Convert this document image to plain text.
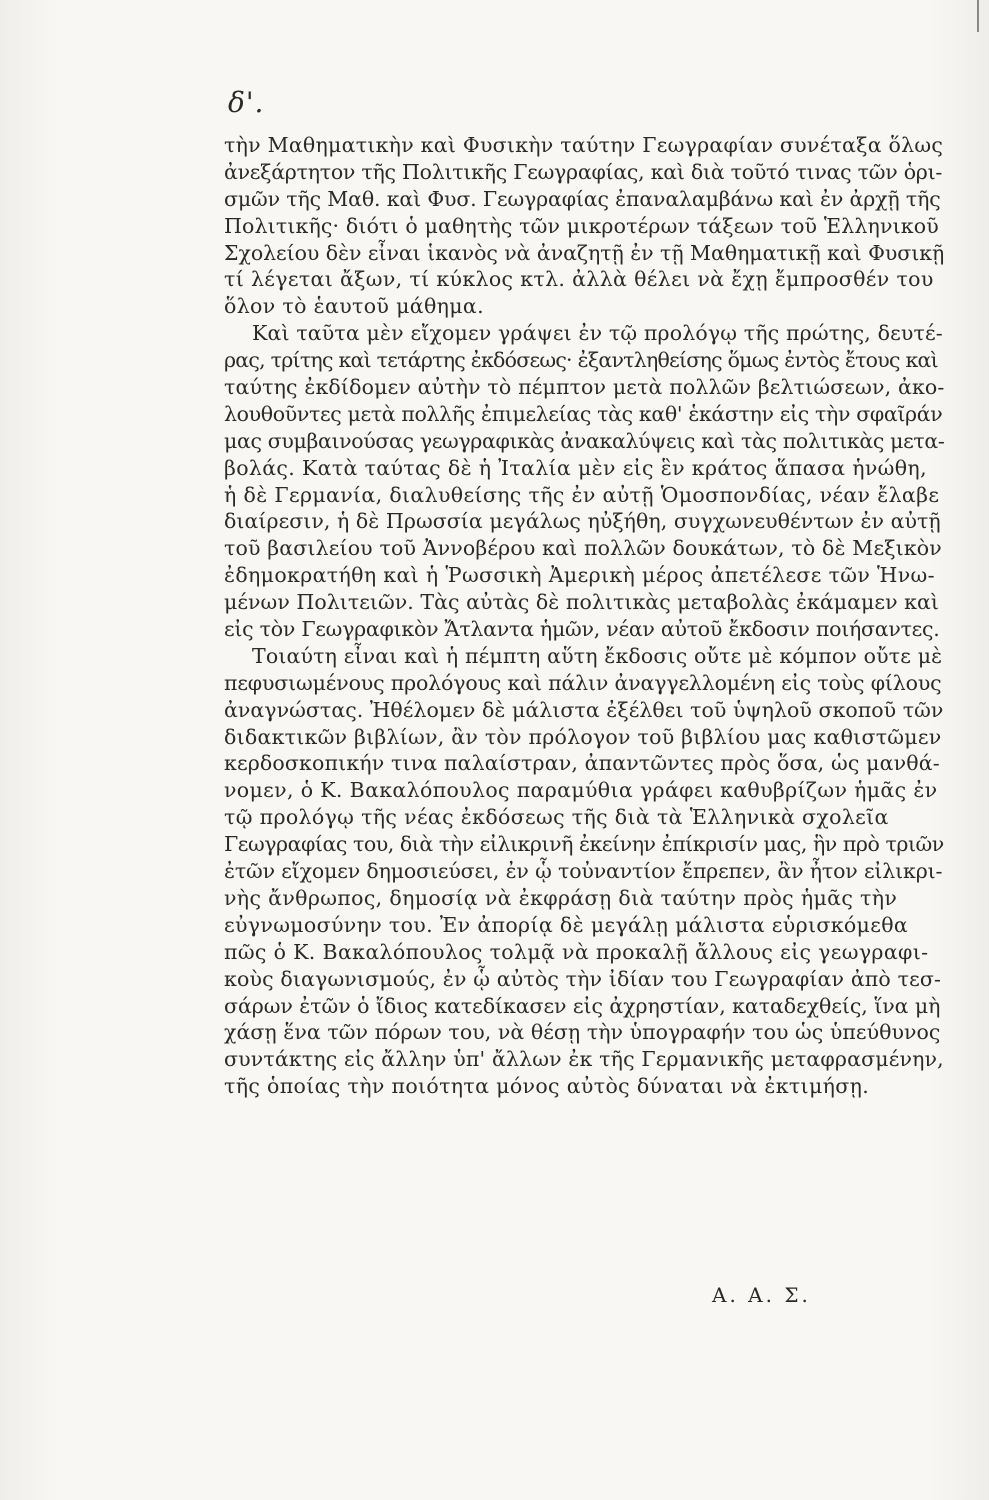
δ'.
τὴν Μαθηματικὴν καὶ Φυσικὴν ταύτην Γεωγραφίαν συνέταξα ὅλως
ἀνεξάρτητον τῆς Πολιτικῆς Γεωγραφίας, καὶ διὰ τοῦτό τινας τῶν ὁρι-
σμῶν τῆς Μαθ. καὶ Φυσ. Γεωγραφίας ἐπαναλαμβάνω καὶ ἐν ἀρχῇ τῆς
Πολιτικῆς· διότι ὁ μαθητὴς τῶν μικροτέρων τάξεων τοῦ Ἑλληνικοῦ
Σχολείου δὲν εἶναι ἱκανὸς νὰ ἀναζητῇ ἐν τῇ Μαθηματικῇ καὶ Φυσικῇ
τί λέγεται ἄξων, τί κύκλος κτλ. ἀλλὰ θέλει νὰ ἔχῃ ἔμπροσθέν του
ὅλον τὸ ἑαυτοῦ μάθημα.
Καὶ ταῦτα μὲν εἴχομεν γράψει ἐν τῷ προλόγῳ τῆς πρώτης, δευτέ-
ρας, τρίτης καὶ τετάρτης ἐκδόσεως· ἐξαντληθείσης ὅμως ἐντὸς ἔτους καὶ
ταύτης ἐκδίδομεν αὐτὴν τὸ πέμπτον μετὰ πολλῶν βελτιώσεων, ἀκο-
λουθοῦντες μετὰ πολλῆς ἐπιμελείας τὰς καθ' ἑκάστην εἰς τὴν σφαῖράν
μας συμβαινούσας γεωγραφικὰς ἀνακαλύψεις καὶ τὰς πολιτικὰς μετα-
βολάς. Κατὰ ταύτας δὲ ἡ Ἰταλία μὲν εἰς ἓν κράτος ἅπασα ἡνώθη,
ἡ δὲ Γερμανία, διαλυθείσης τῆς ἐν αὐτῇ Ὁμοσπονδίας, νέαν ἔλαβε
διαίρεσιν, ἡ δὲ Πρωσσία μεγάλως ηὐξήθη, συγχωνευθέντων ἐν αὐτῇ
τοῦ βασιλείου τοῦ Ἀννοβέρου καὶ πολλῶν δουκάτων, τὸ δὲ Μεξικὸν
ἐδημοκρατήθη καὶ ἡ Ῥωσσικὴ Ἀμερικὴ μέρος ἀπετέλεσε τῶν Ἡνω-
μένων Πολιτειῶν. Τὰς αὐτὰς δὲ πολιτικὰς μεταβολὰς ἐκάμαμεν καὶ
εἰς τὸν Γεωγραφικὸν Ἄτλαντα ἡμῶν, νέαν αὐτοῦ ἔκδοσιν ποιήσαντες.
Τοιαύτη εἶναι καὶ ἡ πέμπτη αὕτη ἔκδοσις οὔτε μὲ κόμπον οὔτε μὲ
πεφυσιωμένους προλόγους καὶ πάλιν ἀναγγελλομένη εἰς τοὺς φίλους
ἀναγνώστας. Ἠθέλομεν δὲ μάλιστα ἐξέλθει τοῦ ὑψηλοῦ σκοποῦ τῶν
διδακτικῶν βιβλίων, ἂν τὸν πρόλογον τοῦ βιβλίου μας καθιστῶμεν
κερδοσκοπικήν τινα παλαίστραν, ἀπαντῶντες πρὸς ὅσα, ὡς μανθά-
νομεν, ὁ Κ. Βακαλόπουλος παραμύθια γράφει καθυβρίζων ἡμᾶς ἐν
τῷ προλόγῳ τῆς νέας ἐκδόσεως τῆς διὰ τὰ Ἑλληνικὰ σχολεῖα
Γεωγραφίας του, διὰ τὴν εἰλικρινῆ ἐκείνην ἐπίκρισίν μας, ἣν πρὸ τριῶν
ἐτῶν εἴχομεν δημοσιεύσει, ἐν ᾧ τοὐναντίον ἔπρεπεν, ἂν ἦτον εἰλικρι-
νὴς ἄνθρωπος, δημοσίᾳ νὰ ἐκφράσῃ διὰ ταύτην πρὸς ἡμᾶς τὴν
εὐγνωμοσύνην του. Ἐν ἀπορίᾳ δὲ μεγάλῃ μάλιστα εὑρισκόμεθα
πῶς ὁ Κ. Βακαλόπουλος τολμᾷ νὰ προκαλῇ ἄλλους εἰς γεωγραφι-
κοὺς διαγωνισμούς, ἐν ᾧ αὐτὸς τὴν ἰδίαν του Γεωγραφίαν ἀπὸ τεσ-
σάρων ἐτῶν ὁ ἴδιος κατεδίκασεν εἰς ἀχρηστίαν, καταδεχθείς, ἵνα μὴ
χάσῃ ἕνα τῶν πόρων του, νὰ θέσῃ τὴν ὑπογραφήν του ὡς ὑπεύθυνος
συντάκτης εἰς ἄλλην ὑπ' ἄλλων ἐκ τῆς Γερμανικῆς μεταφρασμένην,
τῆς ὁποίας τὴν ποιότητα μόνος αὐτὸς δύναται νὰ ἐκτιμήσῃ.
Α. Α. Σ.
